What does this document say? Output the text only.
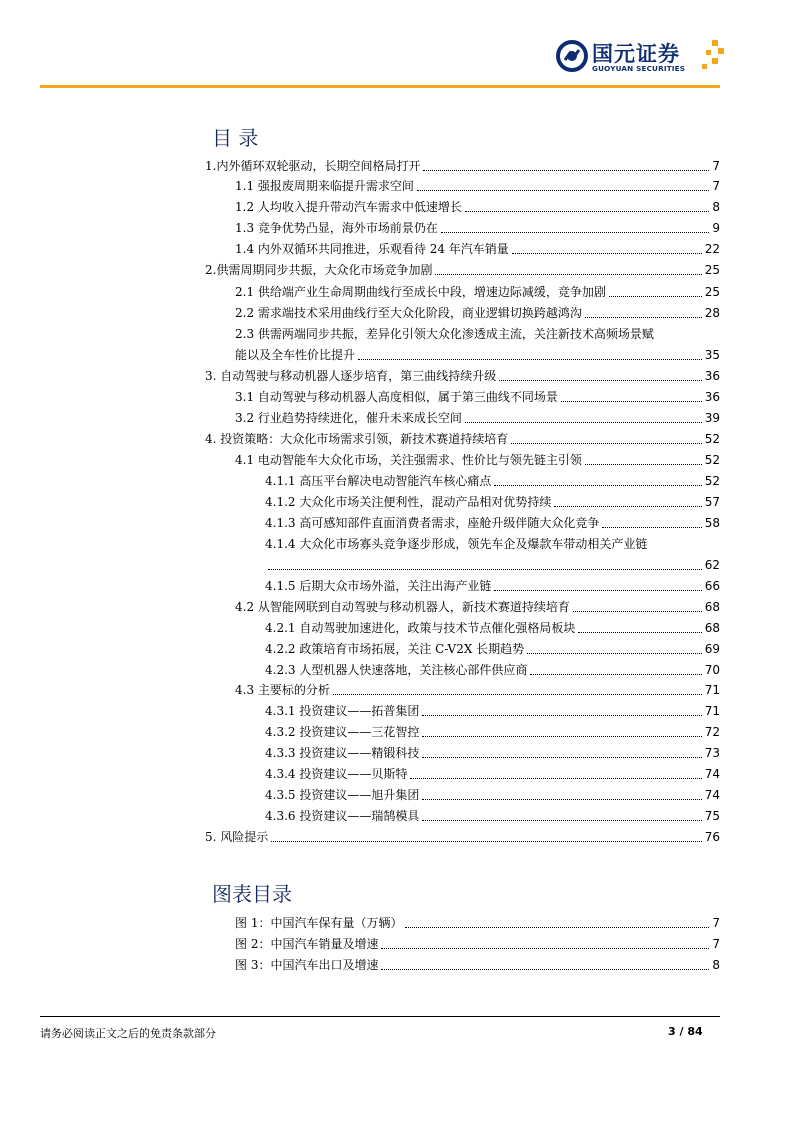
国元证券
GUOYUAN SECURITIES
目 录
1.内外循环双轮驱动，长期空间格局打开	7
1.1 强报废周期来临提升需求空间	7
1.2 人均收入提升带动汽车需求中低速增长	8
1.3 竞争优势凸显，海外市场前景仍在	9
1.4 内外双循环共同推进，乐观看待 24 年汽车销量	22
2.供需周期同步共振，大众化市场竞争加剧	25
2.1 供给端产业生命周期曲线行至成长中段，增速边际减缓，竞争加剧	25
2.2 需求端技术采用曲线行至大众化阶段，商业逻辑切换跨越鸿沟	28
2.3 供需两端同步共振，差异化引领大众化渗透成主流，关注新技术高频场景赋
能以及全车性价比提升	35
3. 自动驾驶与移动机器人逐步培育，第三曲线持续升级	36
3.1 自动驾驶与移动机器人高度相似，属于第三曲线不同场景	36
3.2 行业趋势持续进化，催升未来成长空间	39
4. 投资策略：大众化市场需求引领，新技术赛道持续培育	52
4.1 电动智能车大众化市场，关注强需求、性价比与领先链主引领	52
4.1.1 高压平台解决电动智能汽车核心痛点	52
4.1.2 大众化市场关注便利性，混动产品相对优势持续	57
4.1.3 高可感知部件直面消费者需求，座舱升级伴随大众化竞争	58
4.1.4 大众化市场寡头竞争逐步形成，领先车企及爆款车带动相关产业链
62
4.1.5 后期大众市场外溢，关注出海产业链	66
4.2 从智能网联到自动驾驶与移动机器人，新技术赛道持续培育	68
4.2.1 自动驾驶加速进化，政策与技术节点催化强格局板块	68
4.2.2 政策培育市场拓展，关注 C-V2X 长期趋势	69
4.2.3 人型机器人快速落地，关注核心部件供应商	70
4.3 主要标的分析	71
4.3.1 投资建议——拓普集团	71
4.3.2 投资建议——三花智控	72
4.3.3 投资建议——精锻科技	73
4.3.4 投资建议——贝斯特	74
4.3.5 投资建议——旭升集团	74
4.3.6 投资建议——瑞鹄模具	75
5. 风险提示	76
图表目录
图 1：中国汽车保有量（万辆）	7
图 2：中国汽车销量及增速	7
图 3：中国汽车出口及增速	8
请务必阅读正文之后的免责条款部分	3 / 84
